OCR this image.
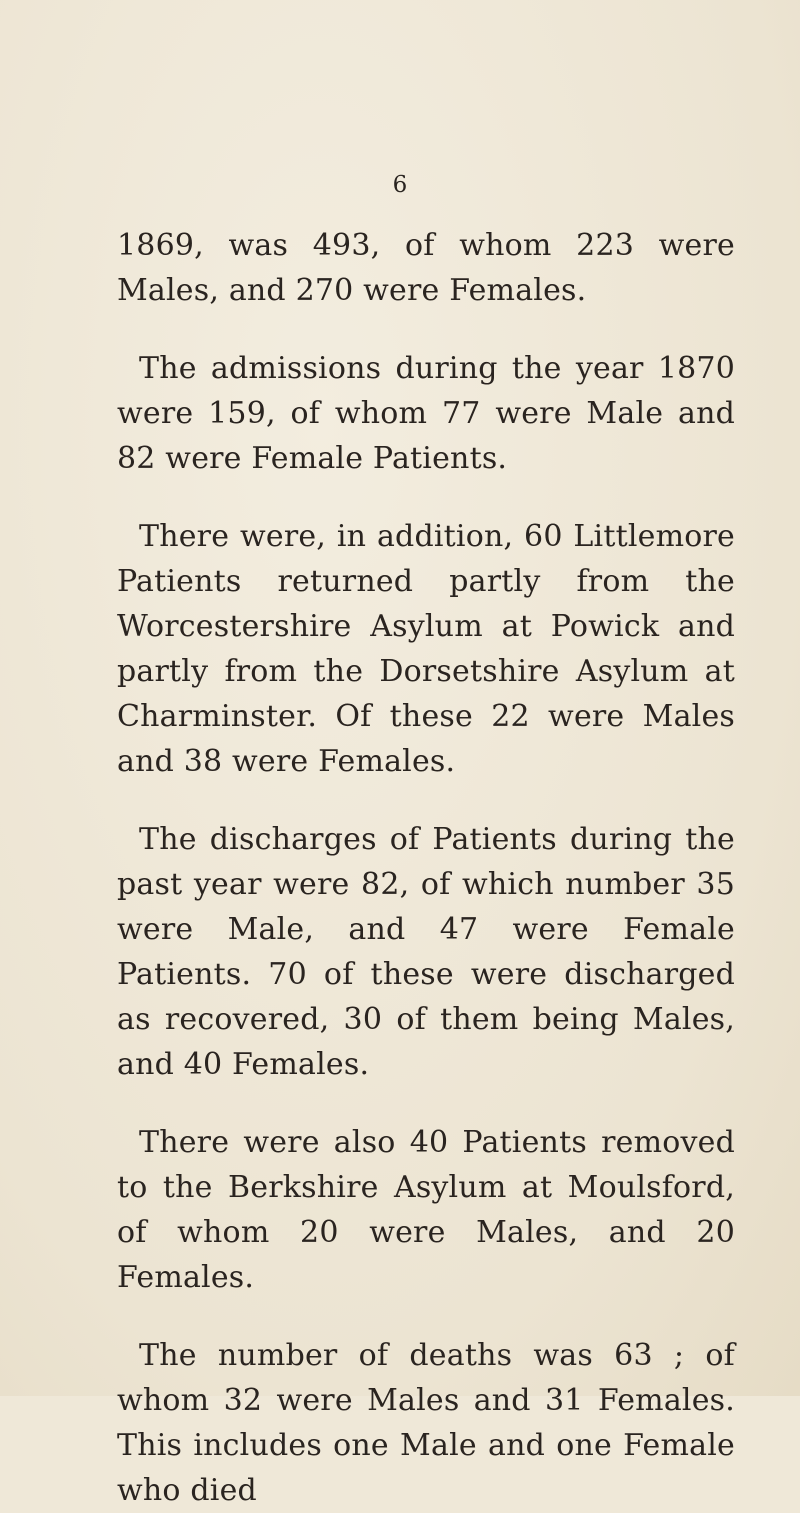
6

1869, was 493, of whom 223 were Males, and 270 were Females.

The admissions during the year 1870 were 159, of whom 77 were Male and 82 were Female Patients.

There were, in addition, 60 Littlemore Patients returned partly from the Worcestershire Asylum at Powick and partly from the Dorsetshire Asylum at Charminster. Of these 22 were Males and 38 were Females.

The discharges of Patients during the past year were 82, of which number 35 were Male, and 47 were Female Patients. 70 of these were discharged as recovered, 30 of them being Males, and 40 Females.

There were also 40 Patients removed to the Berkshire Asylum at Moulsford, of whom 20 were Males, and 20 Females.

The number of deaths was 63 ; of whom 32 were Males and 31 Females. This includes one Male and one Female who died
